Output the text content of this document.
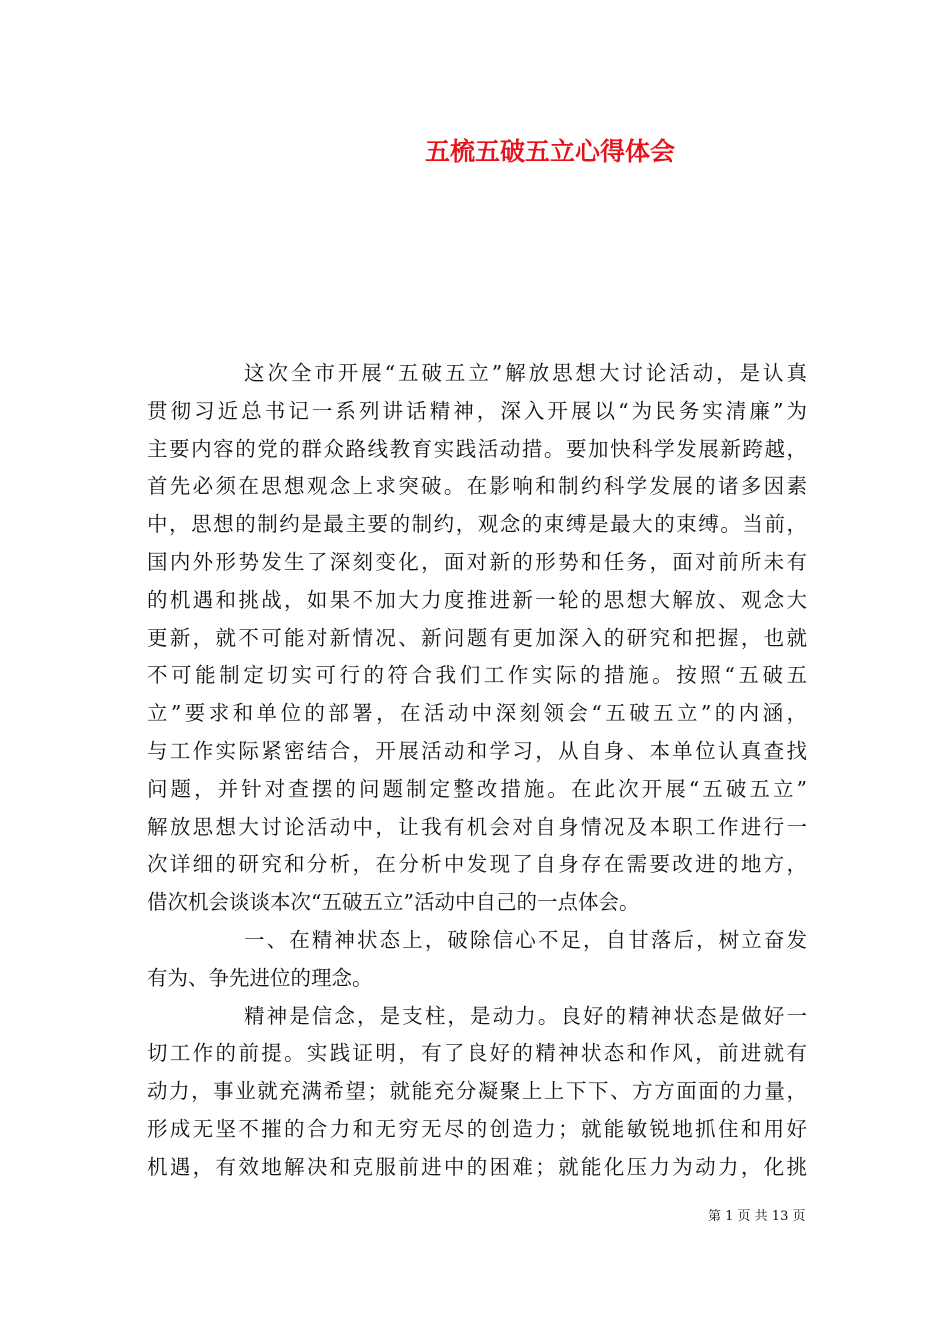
五梳五破五立心得体会
这次全市开展“五破五立”解放思想大讨论活动，是认真
贯彻习近总书记一系列讲话精神，深入开展以“为民务实清廉”为
主要内容的党的群众路线教育实践活动措。要加快科学发展新跨越，
首先必须在思想观念上求突破。在影响和制约科学发展的诸多因素
中，思想的制约是最主要的制约，观念的束缚是最大的束缚。当前，
国内外形势发生了深刻变化，面对新的形势和任务，面对前所未有
的机遇和挑战，如果不加大力度推进新一轮的思想大解放、观念大
更新，就不可能对新情况、新问题有更加深入的研究和把握，也就
不可能制定切实可行的符合我们工作实际的措施。按照“五破五
立”要求和单位的部署，在活动中深刻领会“五破五立”的内涵，
与工作实际紧密结合，开展活动和学习，从自身、本单位认真查找
问题，并针对查摆的问题制定整改措施。在此次开展“五破五立”
解放思想大讨论活动中，让我有机会对自身情况及本职工作进行一
次详细的研究和分析，在分析中发现了自身存在需要改进的地方，
借次机会谈谈本次“五破五立”活动中自己的一点体会。
一、在精神状态上，破除信心不足，自甘落后，树立奋发
有为、争先进位的理念。
精神是信念，是支柱，是动力。良好的精神状态是做好一
切工作的前提。实践证明，有了良好的精神状态和作风，前进就有
动力，事业就充满希望；就能充分凝聚上上下下、方方面面的力量，
形成无坚不摧的合力和无穷无尽的创造力；就能敏锐地抓住和用好
机遇，有效地解决和克服前进中的困难；就能化压力为动力，化挑
第 1 页 共 13 页
